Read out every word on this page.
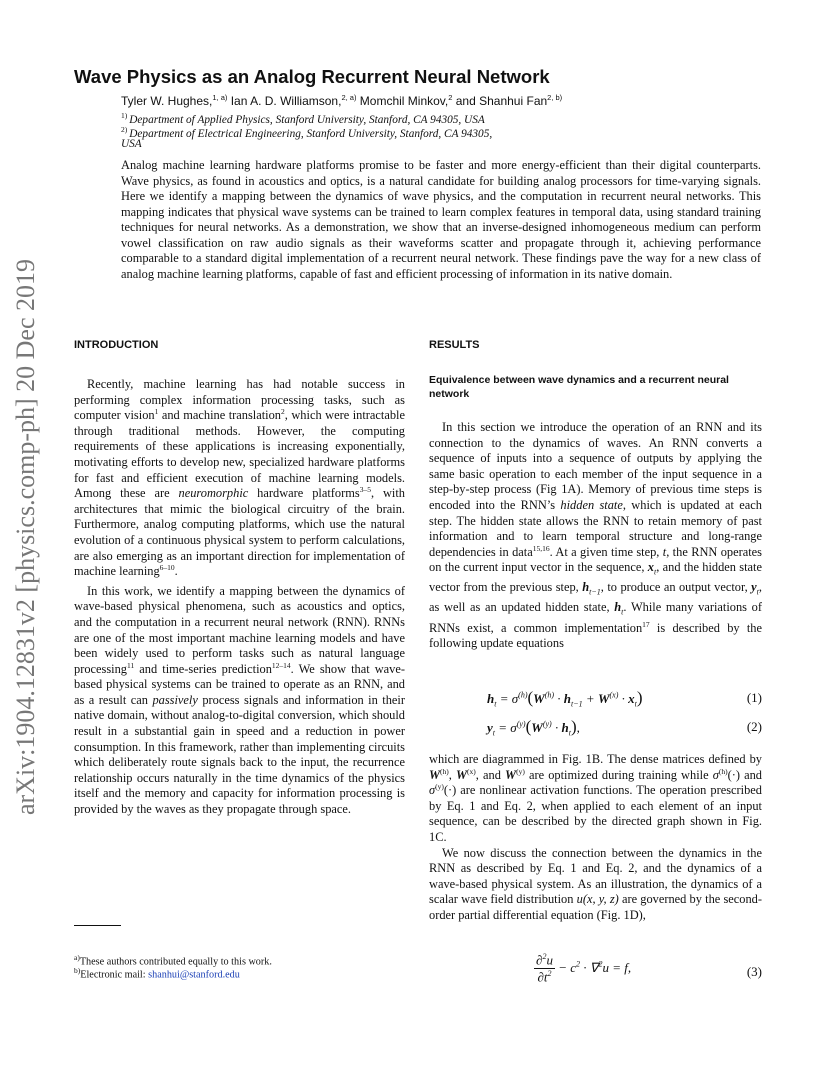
arXiv:1904.12831v2 [physics.comp-ph] 20 Dec 2019
Wave Physics as an Analog Recurrent Neural Network
Tyler W. Hughes,$^{1, a)}$ Ian A. D. Williamson,$^{2, a)}$ Momchil Minkov,$^2$ and Shanhui Fan$^{2, b)}$
$^{1)}$ Department of Applied Physics, Stanford University, Stanford, CA 94305, USA
$^{2)}$ Department of Electrical Engineering, Stanford University, Stanford, CA 94305,
USA

Analog machine learning hardware platforms promise to be faster and more energy-efficient than their digital counterparts. Wave physics, as found in acoustics and optics, is a natural candidate for building analog processors for time-varying signals. Here we identify a mapping between the dynamics of wave physics, and the computation in recurrent neural networks. This mapping indicates that physical wave systems can be trained to learn complex features in temporal data, using standard training techniques for neural networks. As a demonstration, we show that an inverse-designed inhomogeneous medium can perform vowel classification on raw audio signals as their waveforms scatter and propagate through it, achieving performance comparable to a standard digital implementation of a recurrent neural network. These findings pave the way for a new class of analog machine learning platforms, capable of fast and efficient processing of information in its native domain.

INTRODUCTION	RESULTS
Equivalence between wave dynamics and a recurrent neural network

Recently, machine learning has had notable success in performing complex information processing tasks, such as computer vision$^1$ and machine translation$^2$, which were intractable through traditional methods. However, the computing requirements of these applications is increasing exponentially, motivating efforts to develop new, specialized hardware platforms for fast and efficient execution of machine learning models. Among these are neuromorphic hardware platforms$^{3-5}$, with architectures that mimic the biological circuitry of the brain. Furthermore, analog computing platforms, which use the natural evolution of a continuous physical system to perform calculations, are also emerging as an important direction for implementation of machine learning$^{6-10}$.

In this work, we identify a mapping between the dynamics of wave-based physical phenomena, such as acoustics and optics, and the computation in a recurrent neural network (RNN). RNNs are one of the most important machine learning models and have been widely used to perform tasks such as natural language processing$^{11}$ and time-series prediction$^{12-14}$. We show that wave-based physical systems can be trained to operate as an RNN, and as a result can passively process signals and information in their native domain, without analog-to-digital conversion, which should result in a substantial gain in speed and a reduction in power consumption. In this framework, rather than implementing circuits which deliberately route signals back to the input, the recurrence relationship occurs naturally in the time dynamics of the physics itself and the memory and capacity for information processing is provided by the waves as they propagate through space.

In this section we introduce the operation of an RNN and its connection to the dynamics of waves. An RNN converts a sequence of inputs into a sequence of outputs by applying the same basic operation to each member of the input sequence in a step-by-step process (Fig 1A). Memory of previous time steps is encoded into the RNN’s hidden state, which is updated at each step. The hidden state allows the RNN to retain memory of past information and to learn temporal structure and long-range dependencies in data$^{15,16}$. At a given time step, t, the RNN operates on the current input vector in the sequence, $x_t$, and the hidden state vector from the previous step, $h_{t-1}$, to produce an output vector, $y_t$, as well as an updated hidden state, $h_t$. While many variations of RNNs exist, a common implementation$^{17}$ is described by the following update equations

$h_t = \sigma^{(h)}(W^{(h)} \cdot h_{t-1} + W^{(x)} \cdot x_t)$	(1)
$y_t = \sigma^{(y)}(W^{(y)} \cdot h_t)$,	(2)

which are diagrammed in Fig. 1B. The dense matrices defined by $W^{(h)}$, $W^{(x)}$, and $W^{(y)}$ are optimized during training while $\sigma^{(h)}(\cdot)$ and $\sigma^{(y)}(\cdot)$ are nonlinear activation functions. The operation prescribed by Eq. 1 and Eq. 2, when applied to each element of an input sequence, can be described by the directed graph shown in Fig. 1C.

We now discuss the connection between the dynamics in the RNN as described by Eq. 1 and Eq. 2, and the dynamics of a wave-based physical system. As an illustration, the dynamics of a scalar wave field distribution u(x, y, z) are governed by the second-order partial differential equation (Fig. 1D),

$\frac{\partial^2u}{\partial t^2} - c^2 \cdot \nabla^2u = f$,	(3)
$^{a)}$These authors contributed equally to this work.
$^{b)}$Electronic mail: shanhui@stanford.edu
